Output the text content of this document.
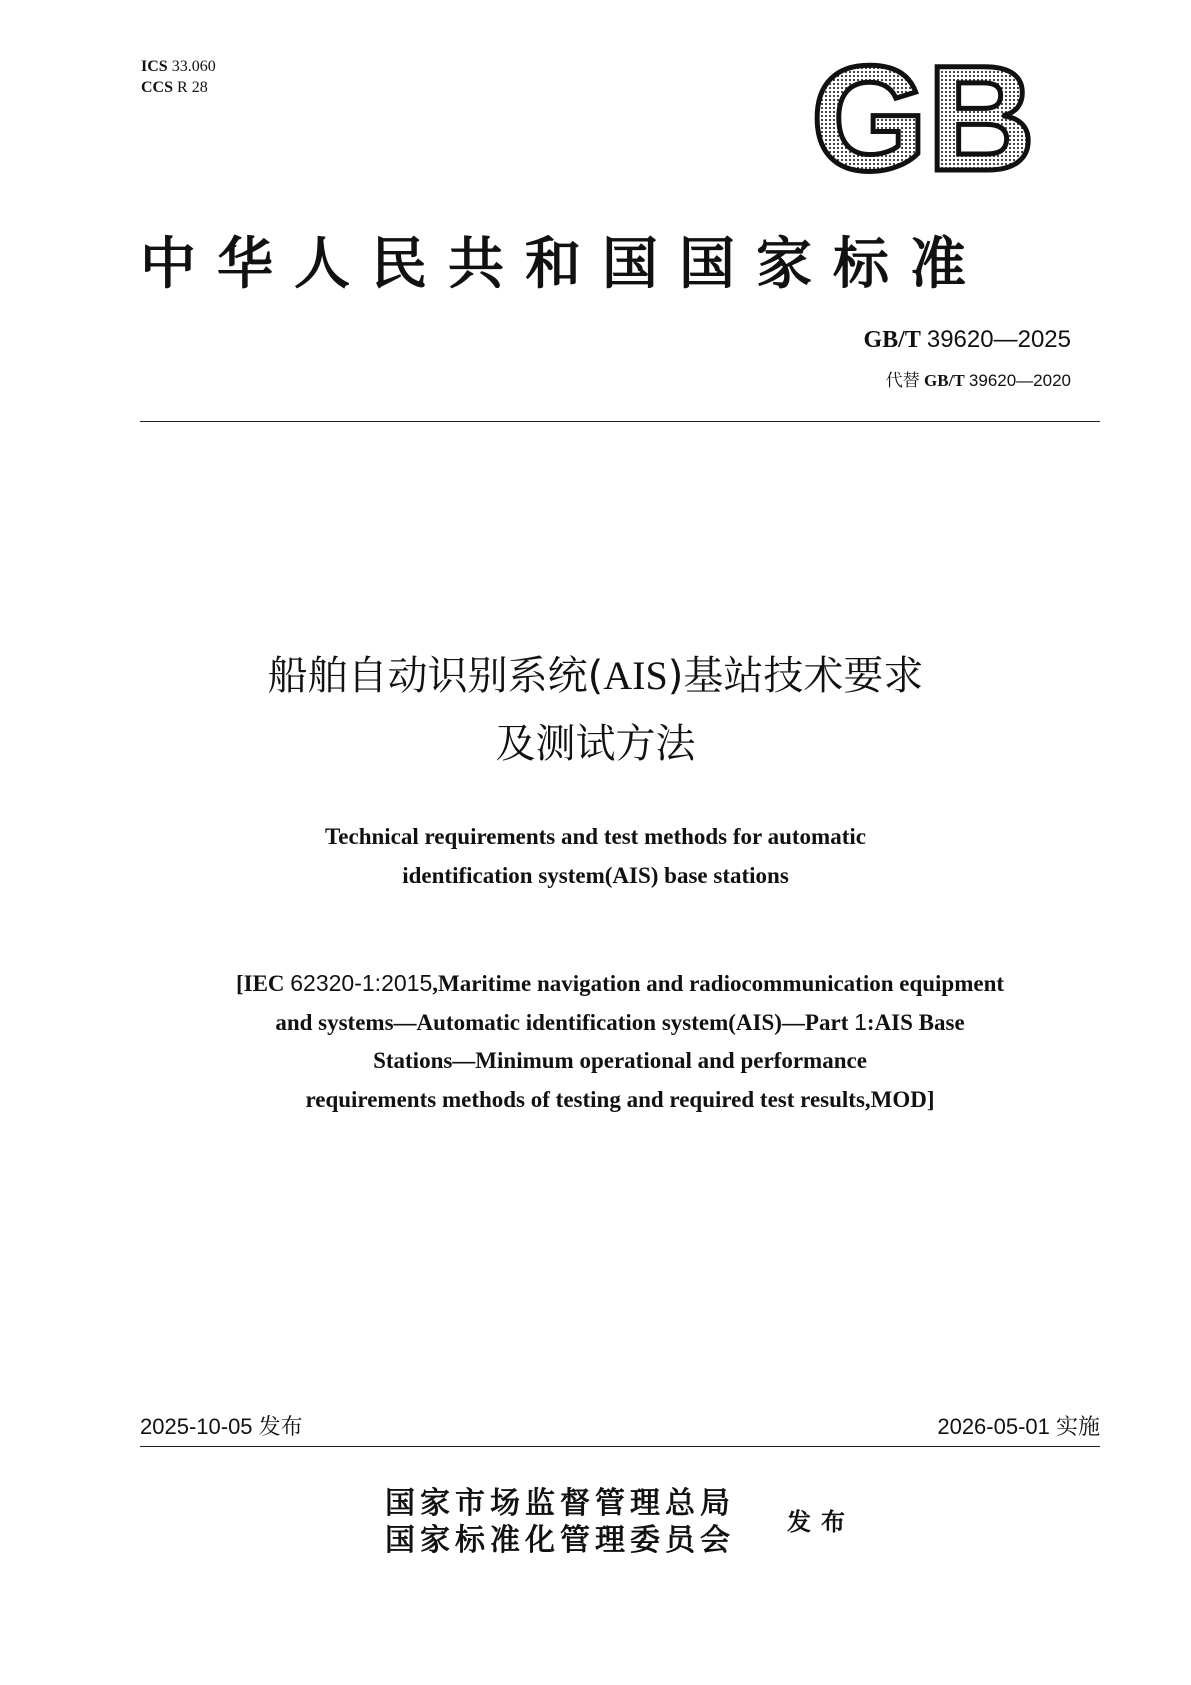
ICS 33.060
CCS R 28	GB
中华人民共和国国家标准
GB/T 39620—2025
代替 GB/T 39620—2020
船舶自动识别系统(AIS)基站技术要求
及测试方法
Technical requirements and test methods for automatic
identification system(AIS) base stations
[IEC 62320-1:2015,Maritime navigation and radiocommunication equipment
and systems—Automatic identification system(AIS)—Part 1:AIS Base
Stations—Minimum operational and performance
requirements methods of testing and required test results,MOD]
2025-10-05 发布	2026-05-01 实施
国家市场监督管理总局
国家标准化管理委员会
发布
